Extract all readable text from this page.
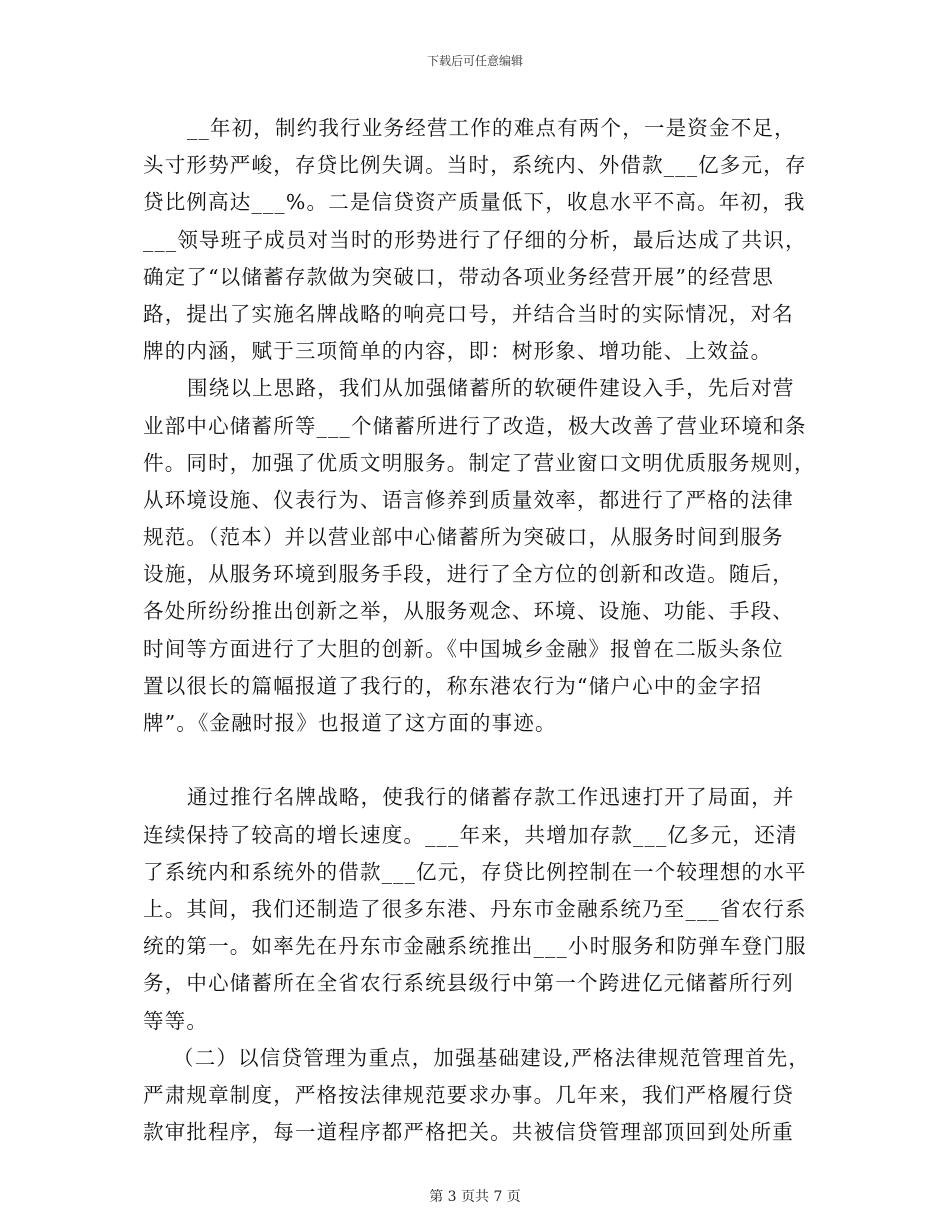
下载后可任意编辑
__年初，制约我行业务经营工作的难点有两个，一是资金不足，
头寸形势严峻，存贷比例失调。当时，系统内、外借款___亿多元，存
贷比例高达___%。二是信贷资产质量低下，收息水平不高。年初，我
___领导班子成员对当时的形势进行了仔细的分析，最后达成了共识，
确定了“以储蓄存款做为突破口，带动各项业务经营开展”的经营思
路，提出了实施名牌战略的响亮口号，并结合当时的实际情况，对名
牌的内涵，赋于三项简单的内容，即：树形象、增功能、上效益。
围绕以上思路，我们从加强储蓄所的软硬件建设入手，先后对营
业部中心储蓄所等___个储蓄所进行了改造，极大改善了营业环境和条
件。同时，加强了优质文明服务。制定了营业窗口文明优质服务规则，
从环境设施、仪表行为、语言修养到质量效率，都进行了严格的法律
规范。（范本）并以营业部中心储蓄所为突破口，从服务时间到服务
设施，从服务环境到服务手段，进行了全方位的创新和改造。随后，
各处所纷纷推出创新之举，从服务观念、环境、设施、功能、手段、
时间等方面进行了大胆的创新。《中国城乡金融》报曾在二版头条位
置以很长的篇幅报道了我行的，称东港农行为“储户心中的金字招
牌”。《金融时报》也报道了这方面的事迹。
通过推行名牌战略，使我行的储蓄存款工作迅速打开了局面，并
连续保持了较高的增长速度。___年来，共增加存款___亿多元，还清
了系统内和系统外的借款___亿元，存贷比例控制在一个较理想的水平
上。其间，我们还制造了很多东港、丹东市金融系统乃至___省农行系
统的第一。如率先在丹东市金融系统推出___小时服务和防弹车登门服
务，中心储蓄所在全省农行系统县级行中第一个跨进亿元储蓄所行列
等等。
（二）以信贷管理为重点，加强基础建设,严格法律规范管理首先，
严肃规章制度，严格按法律规范要求办事。几年来，我们严格履行贷
款审批程序，每一道程序都严格把关。共被信贷管理部顶回到处所重
第 3 页共 7 页
